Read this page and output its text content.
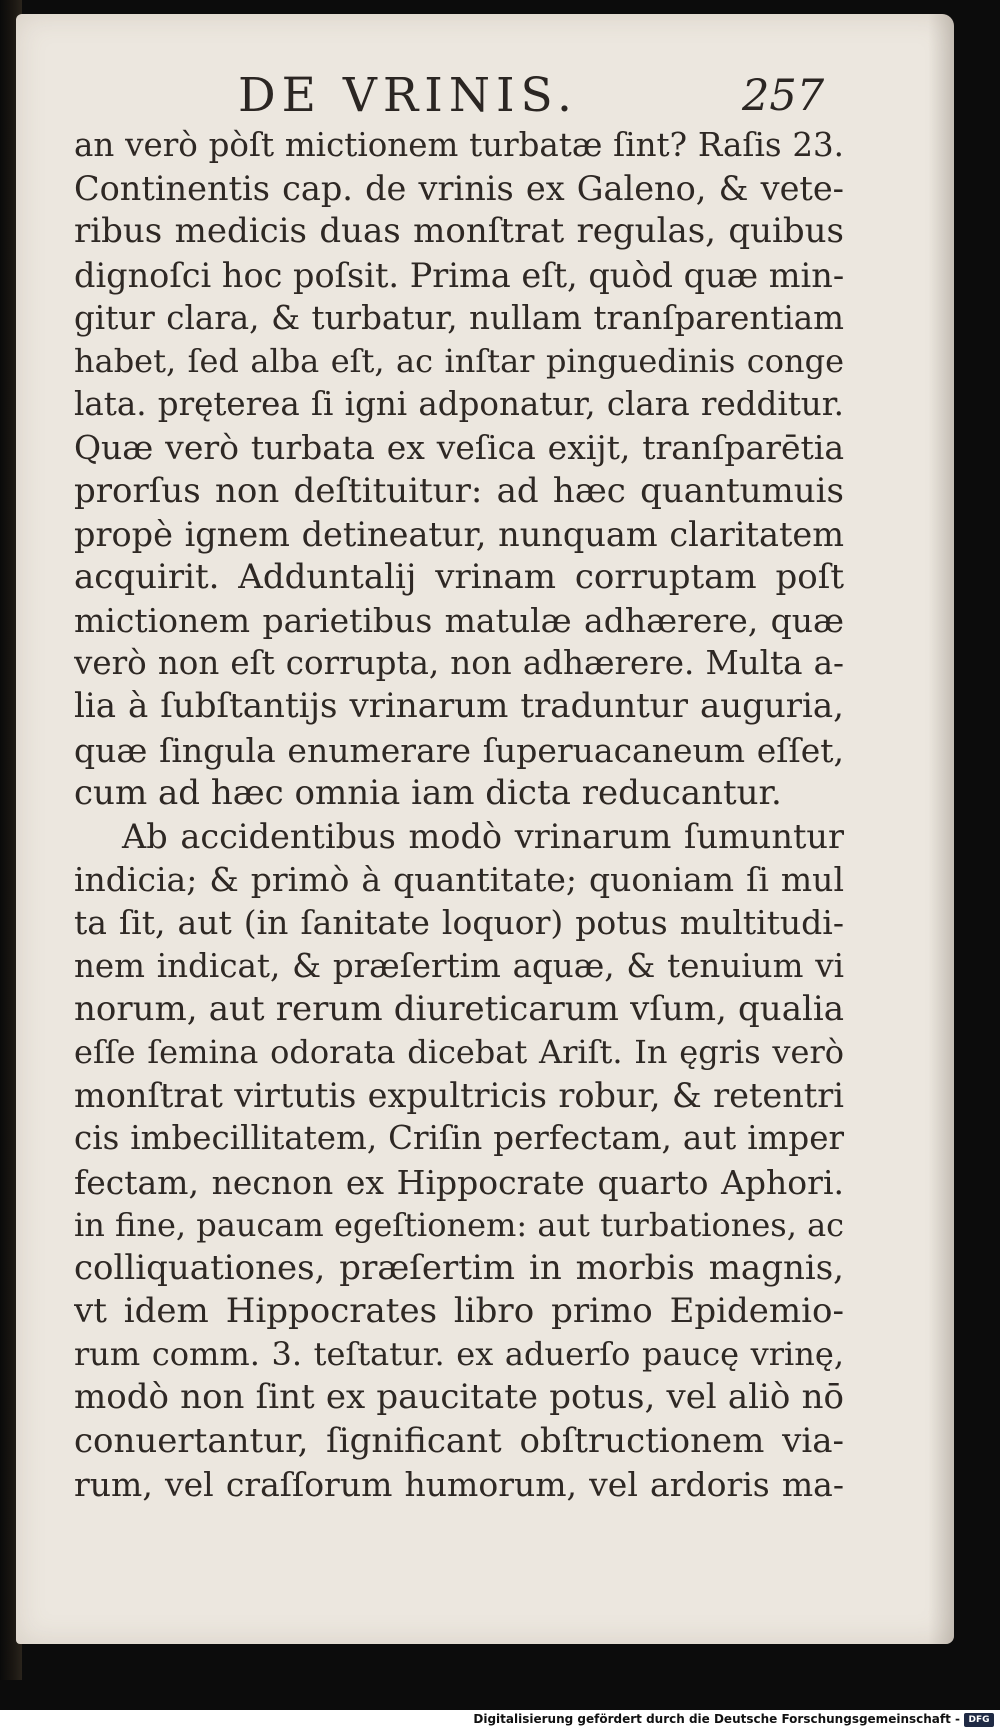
DE VRINIS.	257
an verò pòſt mictionem turbatæ ſint? Raſis 23.
Continentis cap. de vrinis ex Galeno, & vete-
ribus medicis duas monſtrat regulas, quibus
dignoſci hoc poſsit. Prima eſt, quòd quæ min-
gitur clara, & turbatur, nullam tranſparentiam
habet, ſed alba eſt, ac inſtar pinguedinis conge
lata. pręterea ſi igni adponatur, clara redditur.
Quæ verò turbata ex veſica exijt, tranſparētia
prorſus non deſtituitur: ad hæc quantumuis
propè ignem detineatur, nunquam claritatem
acquirit. Adduntalij vrinam corruptam poſt
mictionem parietibus matulæ adhærere, quæ
verò non eſt corrupta, non adhærere. Multa a-
lia à ſubſtantijs vrinarum traduntur auguria,
quæ ſingula enumerare ſuperuacaneum eſſet,
cum ad hæc omnia iam dicta reducantur.
Ab accidentibus modò vrinarum ſumuntur
indicia; & primò à quantitate; quoniam ſi mul
ta ſit, aut (in ſanitate loquor) potus multitudi-
nem indicat, & præſertim aquæ, & tenuium vi
norum, aut rerum diureticarum vſum, qualia
eſſe ſemina odorata dicebat Ariſt. In ęgris verò
monſtrat virtutis expultricis robur, & retentri
cis imbecillitatem, Criſin perfectam, aut imper
fectam, necnon ex Hippocrate quarto Aphori.
in fine, paucam egeſtionem: aut turbationes, ac
colliquationes, præſertim in morbis magnis,
vt idem Hippocrates libro primo Epidemio-
rum comm. 3. teſtatur. ex aduerſo paucę vrinę,
modò non ſint ex paucitate potus, vel aliò nō
conuertantur, ſignificant obſtructionem via-
rum, vel craſſorum humorum, vel ardoris ma-
Digitalisierung gefördert durch die Deutsche Forschungsgemeinschaft - DFG
